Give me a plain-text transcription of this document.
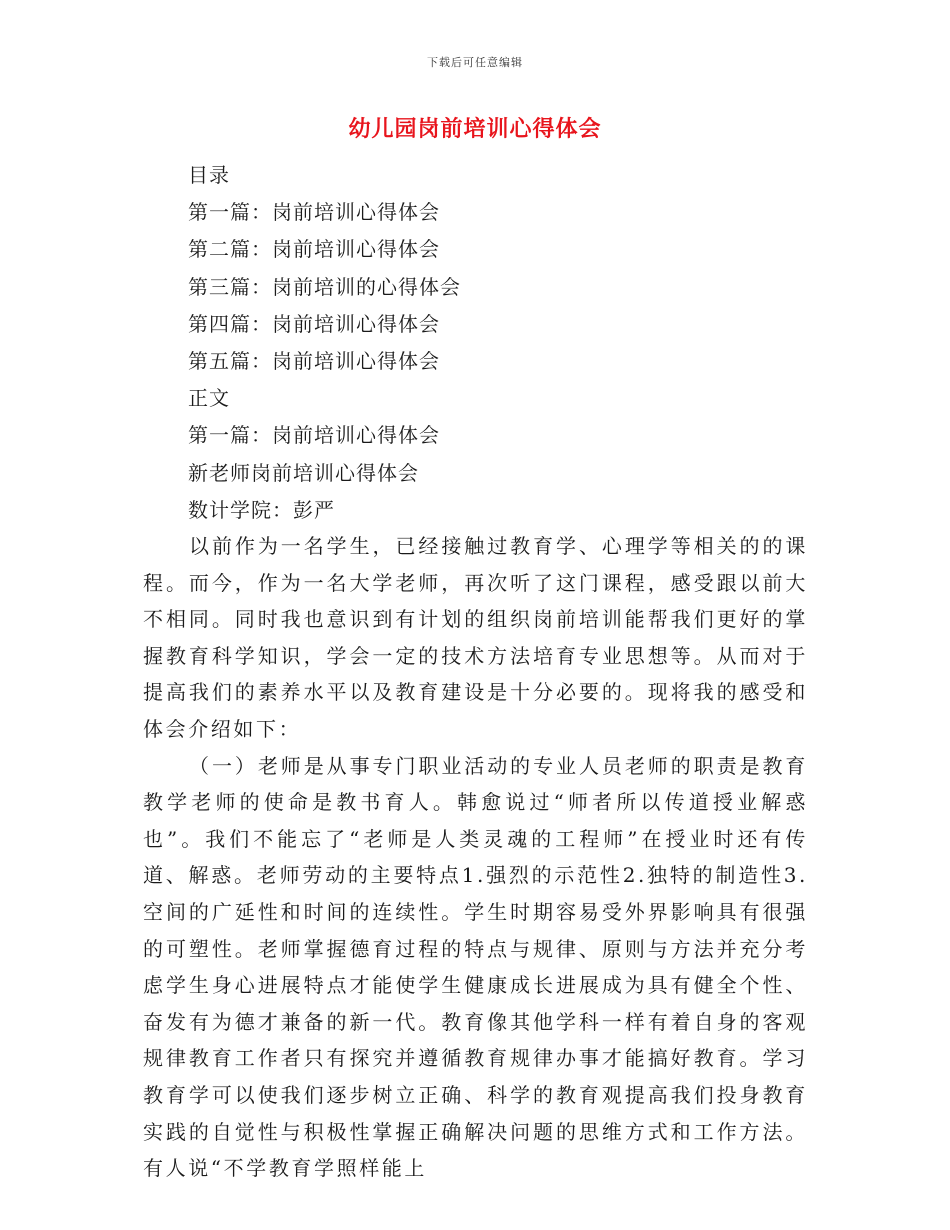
下载后可任意编辑
幼儿园岗前培训心得体会
目录
第一篇：岗前培训心得体会
第二篇：岗前培训心得体会
第三篇：岗前培训的心得体会
第四篇：岗前培训心得体会
第五篇：岗前培训心得体会
正文
第一篇：岗前培训心得体会
新老师岗前培训心得体会
数计学院：彭严

以前作为一名学生，已经接触过教育学、心理学等相关的的课程。而今，作为一名大学老师，再次听了这门课程，感受跟以前大不相同。同时我也意识到有计划的组织岗前培训能帮我们更好的掌握教育科学知识，学会一定的技术方法培育专业思想等。从而对于提高我们的素养水平以及教育建设是十分必要的。现将我的感受和体会介绍如下：

（一）老师是从事专门职业活动的专业人员老师的职责是教育教学老师的使命是教书育人。韩愈说过“师者所以传道授业解惑也”。我们不能忘了“老师是人类灵魂的工程师”在授业时还有传道、解惑。老师劳动的主要特点1.强烈的示范性2.独特的制造性3.空间的广延性和时间的连续性。学生时期容易受外界影响具有很强的可塑性。老师掌握德育过程的特点与规律、原则与方法并充分考虑学生身心进展特点才能使学生健康成长进展成为具有健全个性、奋发有为德才兼备的新一代。教育像其他学科一样有着自身的客观规律教育工作者只有探究并遵循教育规律办事才能搞好教育。学习教育学可以使我们逐步树立正确、科学的教育观提高我们投身教育实践的自觉性与积极性掌握正确解决问题的思维方式和工作方法。有人说“不学教育学照样能上
